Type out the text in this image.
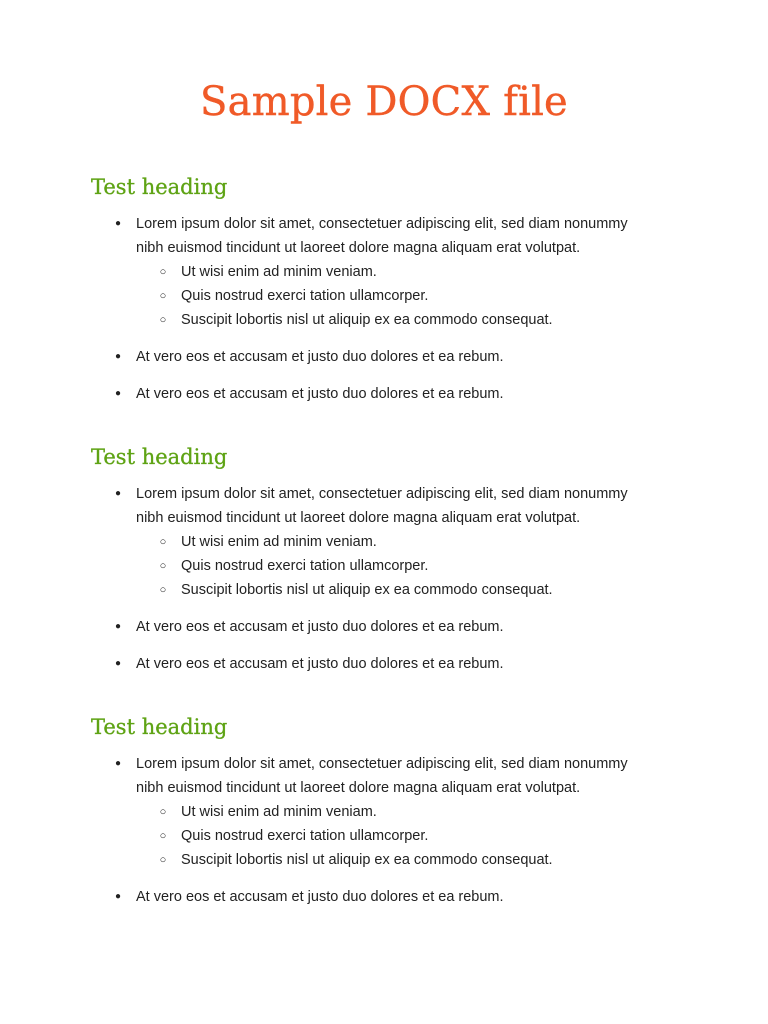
Sample DOCX file
Test heading
● Lorem ipsum dolor sit amet, consectetuer adipiscing elit, sed diam nonummy
nibh euismod tincidunt ut laoreet dolore magna aliquam erat volutpat.
○ Ut wisi enim ad minim veniam.
○ Quis nostrud exerci tation ullamcorper.
○ Suscipit lobortis nisl ut aliquip ex ea commodo consequat.
● At vero eos et accusam et justo duo dolores et ea rebum.
● At vero eos et accusam et justo duo dolores et ea rebum.
Test heading
● Lorem ipsum dolor sit amet, consectetuer adipiscing elit, sed diam nonummy
nibh euismod tincidunt ut laoreet dolore magna aliquam erat volutpat.
○ Ut wisi enim ad minim veniam.
○ Quis nostrud exerci tation ullamcorper.
○ Suscipit lobortis nisl ut aliquip ex ea commodo consequat.
● At vero eos et accusam et justo duo dolores et ea rebum.
● At vero eos et accusam et justo duo dolores et ea rebum.
Test heading
● Lorem ipsum dolor sit amet, consectetuer adipiscing elit, sed diam nonummy
nibh euismod tincidunt ut laoreet dolore magna aliquam erat volutpat.
○ Ut wisi enim ad minim veniam.
○ Quis nostrud exerci tation ullamcorper.
○ Suscipit lobortis nisl ut aliquip ex ea commodo consequat.
● At vero eos et accusam et justo duo dolores et ea rebum.
